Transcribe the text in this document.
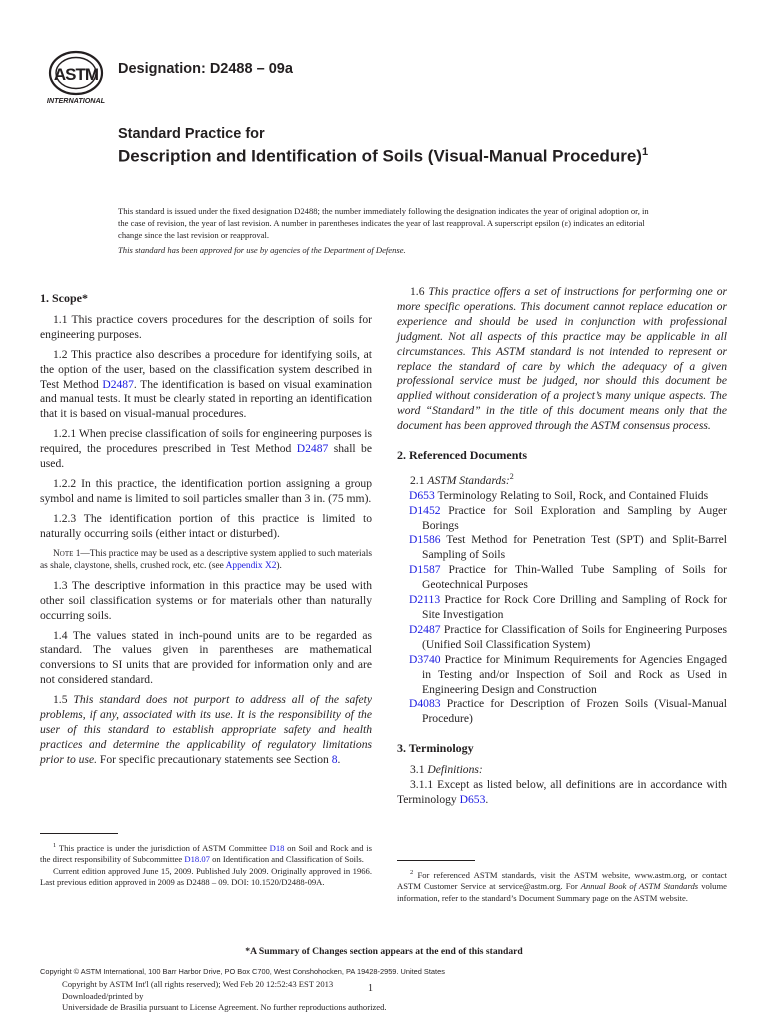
ASTM
INTERNATIONAL
Designation: D2488 – 09a
Standard Practice for
Description and Identification of Soils (Visual-Manual Procedure)$^1$

This standard is issued under the fixed designation D2488; the number immediately following the designation indicates the year of original adoption or, in the case of revision, the year of last revision. A number in parentheses indicates the year of last reapproval. A superscript epsilon (ε) indicates an editorial change since the last revision or reapproval.

This standard has been approved for use by agencies of the Department of Defense.

1. Scope*

1.1 This practice covers procedures for the description of soils for engineering purposes.

1.2 This practice also describes a procedure for identifying soils, at the option of the user, based on the classification system described in Test Method D2487. The identification is based on visual examination and manual tests. It must be clearly stated in reporting an identification that it is based on visual-manual procedures.

1.2.1 When precise classification of soils for engineering purposes is required, the procedures prescribed in Test Method D2487 shall be used.

1.2.2 In this practice, the identification portion assigning a group symbol and name is limited to soil particles smaller than 3 in. (75 mm).

1.2.3 The identification portion of this practice is limited to naturally occurring soils (either intact or disturbed).

Note 1—This practice may be used as a descriptive system applied to such materials as shale, claystone, shells, crushed rock, etc. (see Appendix X2).

1.3 The descriptive information in this practice may be used with other soil classification systems or for materials other than naturally occurring soils.

1.4 The values stated in inch-pound units are to be regarded as standard. The values given in parentheses are mathematical conversions to SI units that are provided for information only and are not considered standard.

1.5 This standard does not purport to address all of the safety problems, if any, associated with its use. It is the responsibility of the user of this standard to establish appropriate safety and health practices and determine the applicability of regulatory limitations prior to use. For specific precautionary statements see Section 8.

1.6 This practice offers a set of instructions for performing one or more specific operations. This document cannot replace education or experience and should be used in conjunction with professional judgment. Not all aspects of this practice may be applicable in all circumstances. This ASTM standard is not intended to represent or replace the standard of care by which the adequacy of a given professional service must be judged, nor should this document be applied without consideration of a project’s many unique aspects. The word “Standard” in the title of this document means only that the document has been approved through the ASTM consensus process.

2. Referenced Documents

2.1 ASTM Standards:$^2$

D653 Terminology Relating to Soil, Rock, and Contained Fluids
D1452 Practice for Soil Exploration and Sampling by Auger Borings
D1586 Test Method for Penetration Test (SPT) and Split-Barrel Sampling of Soils
D1587 Practice for Thin-Walled Tube Sampling of Soils for Geotechnical Purposes
D2113 Practice for Rock Core Drilling and Sampling of Rock for Site Investigation
D2487 Practice for Classification of Soils for Engineering Purposes (Unified Soil Classification System)
D3740 Practice for Minimum Requirements for Agencies Engaged in Testing and/or Inspection of Soil and Rock as Used in Engineering Design and Construction
D4083 Practice for Description of Frozen Soils (Visual-Manual Procedure)
3. Terminology

3.1 Definitions:

3.1.1 Except as listed below, all definitions are in accordance with Terminology D653.

$^1$ This practice is under the jurisdiction of ASTM Committee D18 on Soil and Rock and is the direct responsibility of Subcommittee D18.07 on Identification and Classification of Soils.

Current edition approved June 15, 2009. Published July 2009. Originally approved in 1966. Last previous edition approved in 2009 as D2488 – 09. DOI: 10.1520/D2488-09A.

$^2$ For referenced ASTM standards, visit the ASTM website, www.astm.org, or contact ASTM Customer Service at service@astm.org. For Annual Book of ASTM Standards volume information, refer to the standard’s Document Summary page on the ASTM website.

*A Summary of Changes section appears at the end of this standard
Copyright © ASTM International, 100 Barr Harbor Drive, PO Box C700, West Conshohocken, PA 19428-2959. United States
Copyright by ASTM Int'l (all rights reserved); Wed Feb 20 12:52:43 EST 2013
Downloaded/printed by
Universidade de Brasilia pursuant to License Agreement. No further reproductions authorized.
1
